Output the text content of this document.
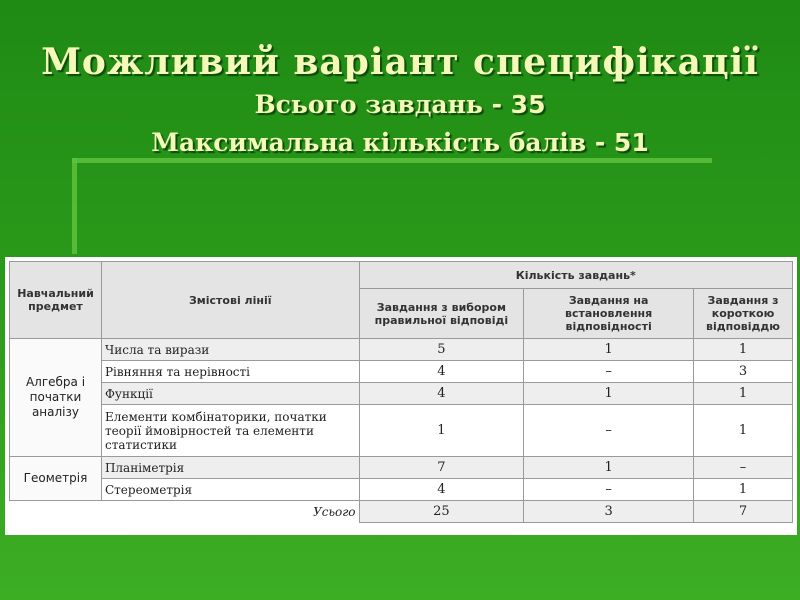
Можливий варіант специфікації
Всього завдань - 35
Максимальна кількість балів - 51
Навчальний предмет	Змістові лінії	Кількість завдань*		
		Завдання з вибором правильної відповіді	Завдання на встановлення відповідності	Завдання з короткою відповіддю
Алгебра і початки аналізу	Числа та вирази	5	1	1
	Рівняння та нерівності	4	–	3
	Функції	4	1	1
	Елементи комбінаторики, початки теорії ймовірностей та елементи статистики	1	–	1
Геометрія	Планіметрія	7	1	–
	Стереометрія	4	–	1
Усього		25	3	7
